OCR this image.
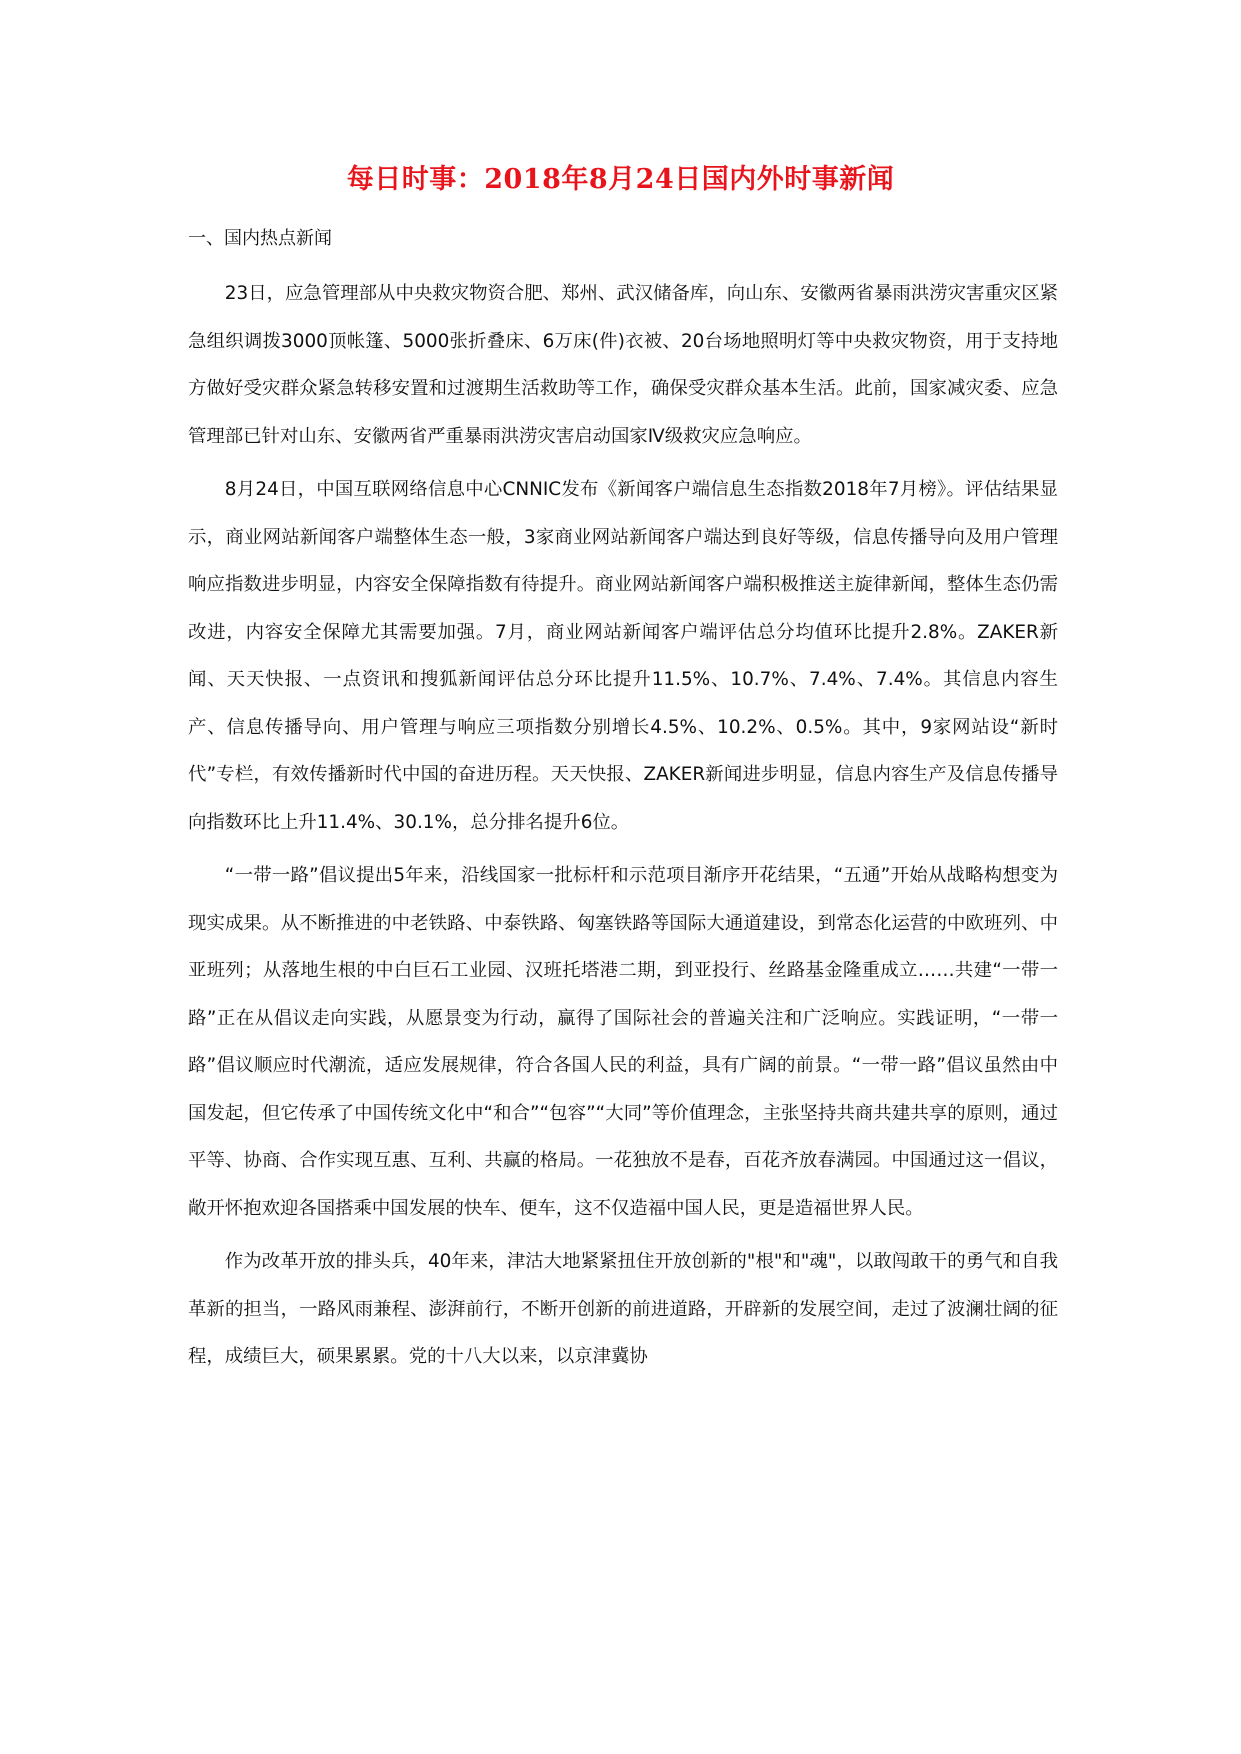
每日时事：2018年8月24日国内外时事新闻
一、国内热点新闻

23日，应急管理部从中央救灾物资合肥、郑州、武汉储备库，向山东、安徽两省暴雨洪涝灾害重灾区紧急组织调拨3000顶帐篷、5000张折叠床、6万床(件)衣被、20台场地照明灯等中央救灾物资，用于支持地方做好受灾群众紧急转移安置和过渡期生活救助等工作，确保受灾群众基本生活。此前，国家减灾委、应急管理部已针对山东、安徽两省严重暴雨洪涝灾害启动国家Ⅳ级救灾应急响应。

8月24日，中国互联网络信息中心CNNIC发布《新闻客户端信息生态指数2018年7月榜》。评估结果显示，商业网站新闻客户端整体生态一般，3家商业网站新闻客户端达到良好等级，信息传播导向及用户管理响应指数进步明显，内容安全保障指数有待提升。商业网站新闻客户端积极推送主旋律新闻，整体生态仍需改进，内容安全保障尤其需要加强。7月，商业网站新闻客户端评估总分均值环比提升2.8%。ZAKER新闻、天天快报、一点资讯和搜狐新闻评估总分环比提升11.5%、10.7%、7.4%、7.4%。其信息内容生产、信息传播导向、用户管理与响应三项指数分别增长4.5%、10.2%、0.5%。其中，9家网站设“新时代”专栏，有效传播新时代中国的奋进历程。天天快报、ZAKER新闻进步明显，信息内容生产及信息传播导向指数环比上升11.4%、30.1%，总分排名提升6位。

“一带一路”倡议提出5年来，沿线国家一批标杆和示范项目渐序开花结果，“五通”开始从战略构想变为现实成果。从不断推进的中老铁路、中泰铁路、匈塞铁路等国际大通道建设，到常态化运营的中欧班列、中亚班列；从落地生根的中白巨石工业园、汉班托塔港二期，到亚投行、丝路基金隆重成立……共建“一带一路”正在从倡议走向实践，从愿景变为行动，赢得了国际社会的普遍关注和广泛响应。实践证明，“一带一路”倡议顺应时代潮流，适应发展规律，符合各国人民的利益，具有广阔的前景。“一带一路”倡议虽然由中国发起，但它传承了中国传统文化中“和合”“包容”“大同”等价值理念，主张坚持共商共建共享的原则，通过平等、协商、合作实现互惠、互利、共赢的格局。一花独放不是春，百花齐放春满园。中国通过这一倡议，敞开怀抱欢迎各国搭乘中国发展的快车、便车，这不仅造福中国人民，更是造福世界人民。

作为改革开放的排头兵，40年来，津沽大地紧紧扭住开放创新的"根"和"魂"，以敢闯敢干的勇气和自我革新的担当，一路风雨兼程、澎湃前行，不断开创新的前进道路，开辟新的发展空间，走过了波澜壮阔的征程，成绩巨大，硕果累累。党的十八大以来，以京津冀协
